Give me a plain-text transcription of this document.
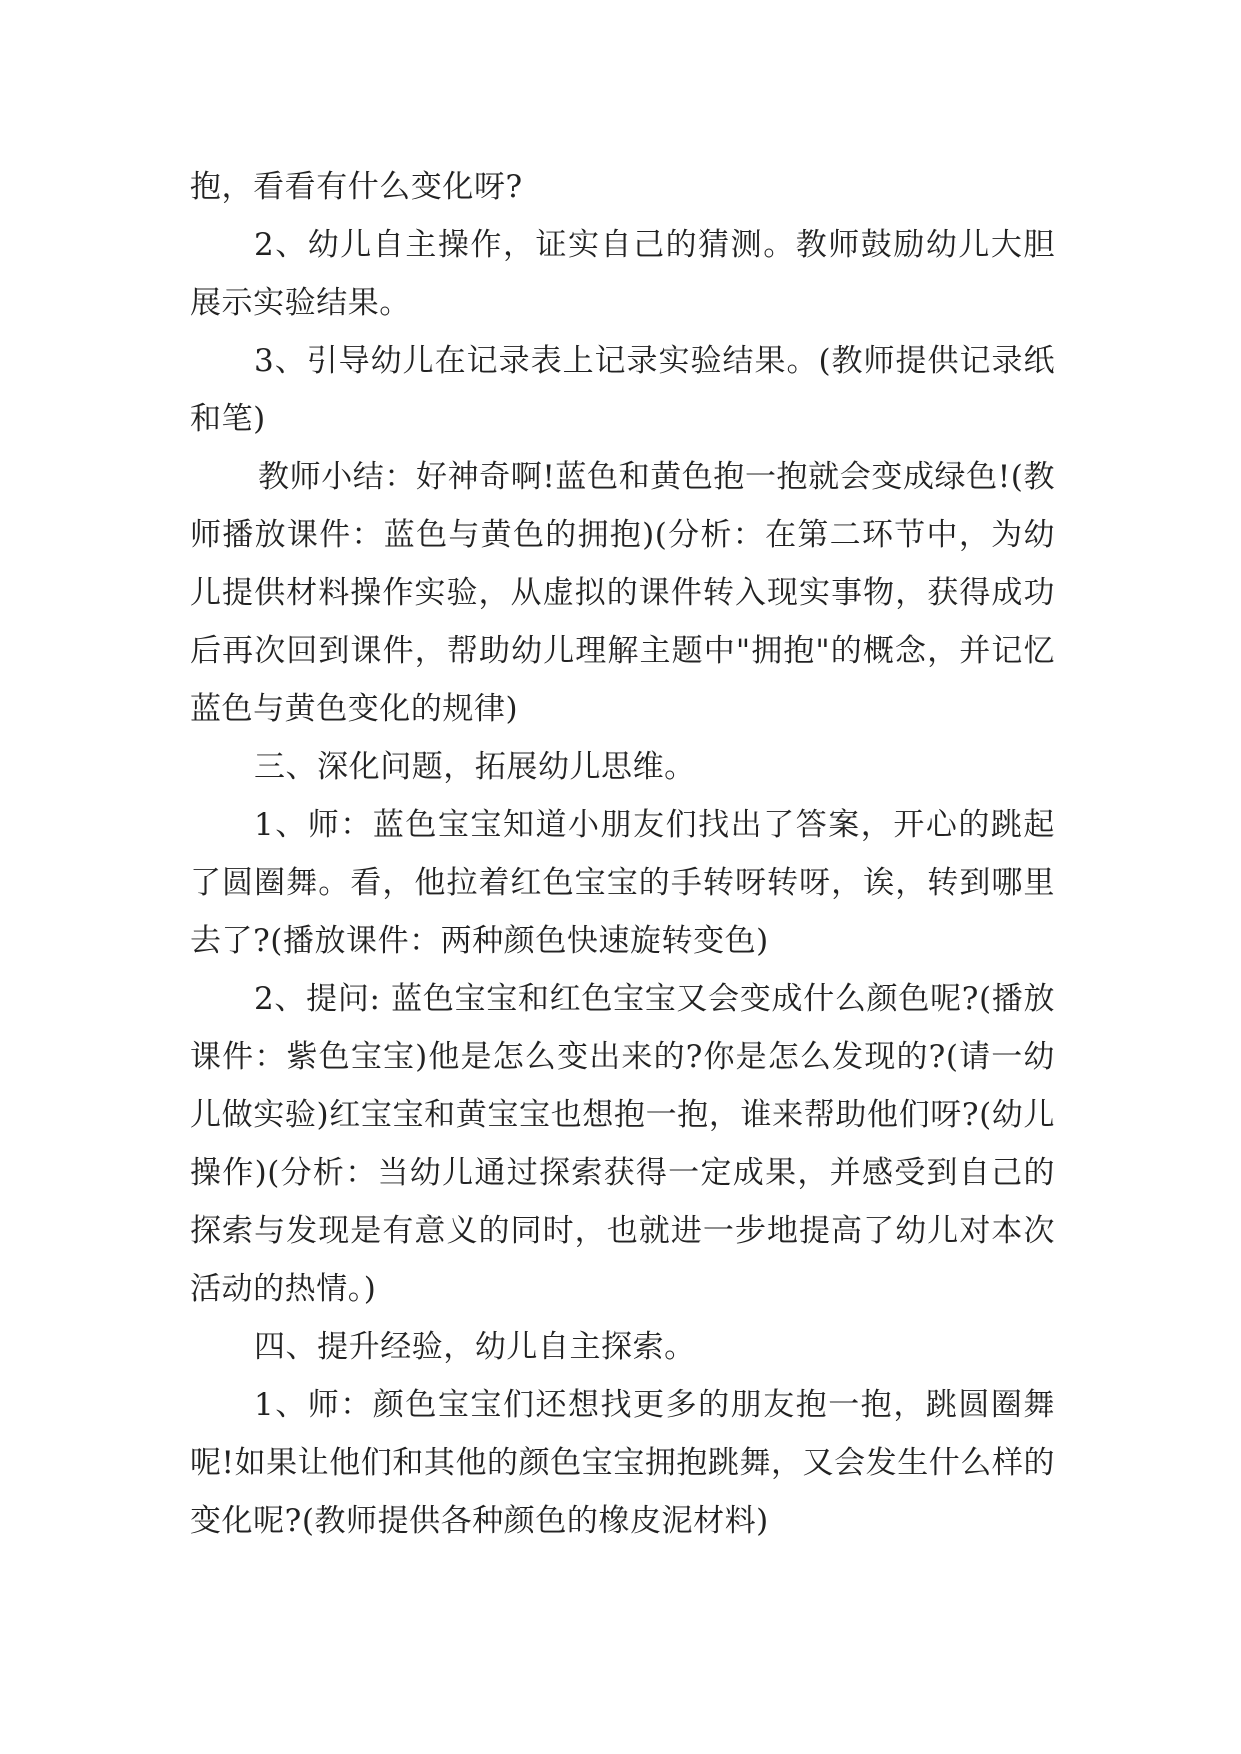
抱，看看有什么变化呀?

2、幼儿自主操作，证实自己的猜测。教师鼓励幼儿大胆展示实验结果。

3、引导幼儿在记录表上记录实验结果。(教师提供记录纸和笔)

教师小结：好神奇啊!蓝色和黄色抱一抱就会变成绿色!(教师播放课件：蓝色与黄色的拥抱)(分析：在第二环节中，为幼儿提供材料操作实验，从虚拟的课件转入现实事物，获得成功后再次回到课件，帮助幼儿理解主题中"拥抱"的概念，并记忆蓝色与黄色变化的规律)

三、深化问题，拓展幼儿思维。

1、师：蓝色宝宝知道小朋友们找出了答案，开心的跳起了圆圈舞。看，他拉着红色宝宝的手转呀转呀，诶，转到哪里去了?(播放课件：两种颜色快速旋转变色)

2、提问: 蓝色宝宝和红色宝宝又会变成什么颜色呢?(播放课件：紫色宝宝)他是怎么变出来的?你是怎么发现的?(请一幼儿做实验)红宝宝和黄宝宝也想抱一抱，谁来帮助他们呀?(幼儿操作)(分析：当幼儿通过探索获得一定成果，并感受到自己的探索与发现是有意义的同时，也就进一步地提高了幼儿对本次活动的热情。)

四、提升经验，幼儿自主探索。

1、师：颜色宝宝们还想找更多的朋友抱一抱，跳圆圈舞呢!如果让他们和其他的颜色宝宝拥抱跳舞，又会发生什么样的变化呢?(教师提供各种颜色的橡皮泥材料)
